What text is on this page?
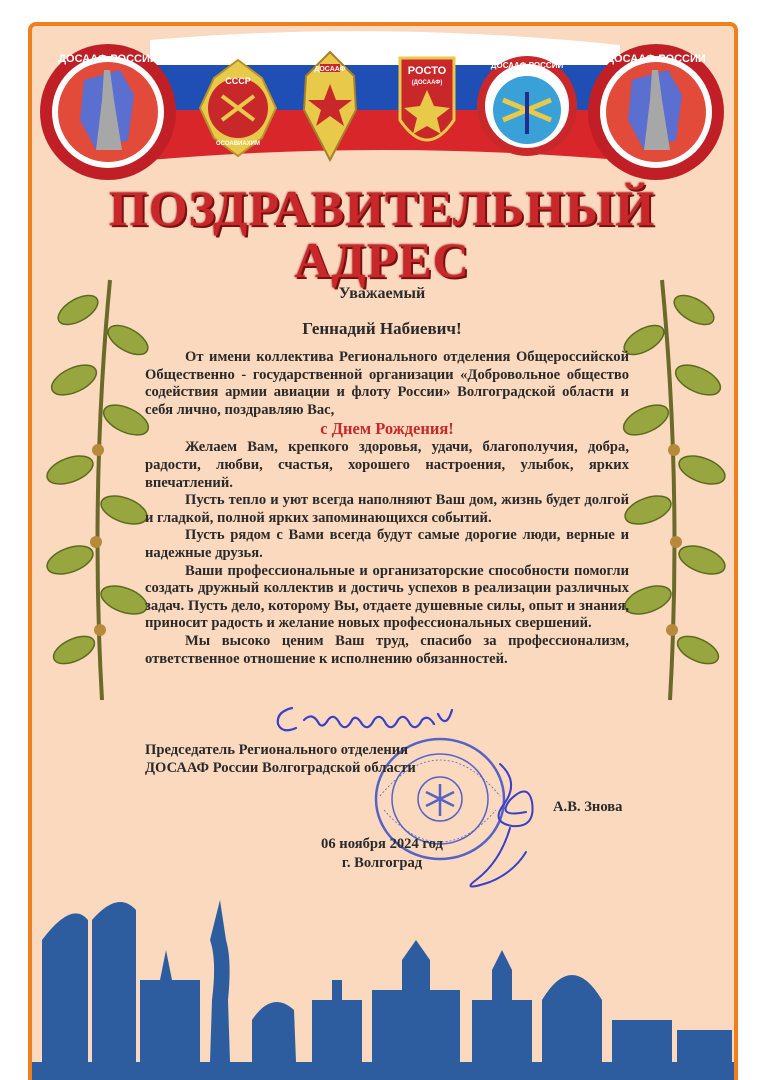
ДОСААФ РОССИИ
СССР
ОСОАВИАХИМ
ДОСААФ	РОСТО
(ДОСААФ)
ДОСААФ РОССИИ
ДОСААФ РОССИИ
ПОЗДРАВИТЕЛЬНЫЙ
АДРЕС

Уважаемый

Геннадий Набиевич!

От имени коллектива Регионального отделения Общероссийской Общественно - государственной организации «Добровольное общество содействия армии авиации и флоту России» Волгоградской области и себя лично, поздравляю Вас,

с Днем Рождения!

Желаем Вам, крепкого здоровья, удачи, благополучия, добра, радости, любви, счастья, хорошего настроения, улыбок, ярких впечатлений.

Пусть тепло и уют всегда наполняют Ваш дом, жизнь будет долгой и гладкой, полной ярких запоминающихся событий.

Пусть рядом с Вами всегда будут самые дорогие люди, верные и надежные друзья.

Ваши профессиональные и организаторские способности помогли создать дружный коллектив и достичь успехов в реализации различных задач. Пусть дело, которому Вы, отдаете душевные силы, опыт и знания, приносит радость и желание новых профессиональных свершений.

Мы высоко ценим Ваш труд, спасибо за профессионализм, ответственное отношение к исполнению обязанностей.

Председатель Регионального отделения
ДОСААФ России Волгоградской области
А.В. Знова
06 ноября 2024 год
г. Волгоград
